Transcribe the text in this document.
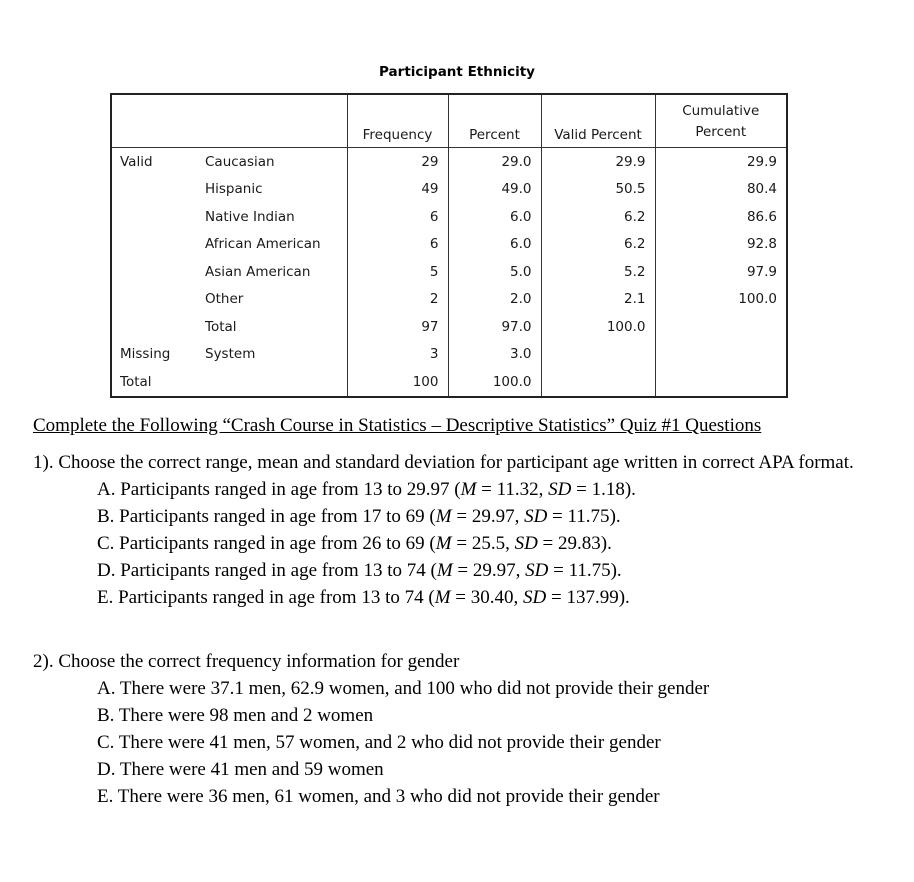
Participant Ethnicity
		Frequency	Percent	Valid Percent	Cumulative Percent
Valid	Caucasian	29	29.0	29.9	29.9
	Hispanic	49	49.0	50.5	80.4
	Native Indian	6	6.0	6.2	86.6
	African American	6	6.0	6.2	92.8
	Asian American	5	5.0	5.2	97.9
	Other	2	2.0	2.1	100.0
	Total	97	97.0	100.0	
Missing	System	3	3.0		
Total		100	100.0		

Complete the Following “Crash Course in Statistics – Descriptive Statistics” Quiz #1 Questions

1). Choose the correct range, mean and standard deviation for participant age written in correct APA format.

A. Participants ranged in age from 13 to 29.97 (M = 11.32, SD = 1.18).
B. Participants ranged in age from 17 to 69 (M = 29.97, SD = 11.75).
C. Participants ranged in age from 26 to 69 (M = 25.5, SD = 29.83).
D. Participants ranged in age from 13 to 74 (M = 29.97, SD = 11.75).
E. Participants ranged in age from 13 to 74 (M = 30.40, SD = 137.99).

2). Choose the correct frequency information for gender

A. There were 37.1 men, 62.9 women, and 100 who did not provide their gender
B. There were 98 men and 2 women
C. There were 41 men, 57 women, and 2 who did not provide their gender
D. There were 41 men and 59 women
E. There were 36 men, 61 women, and 3 who did not provide their gender
